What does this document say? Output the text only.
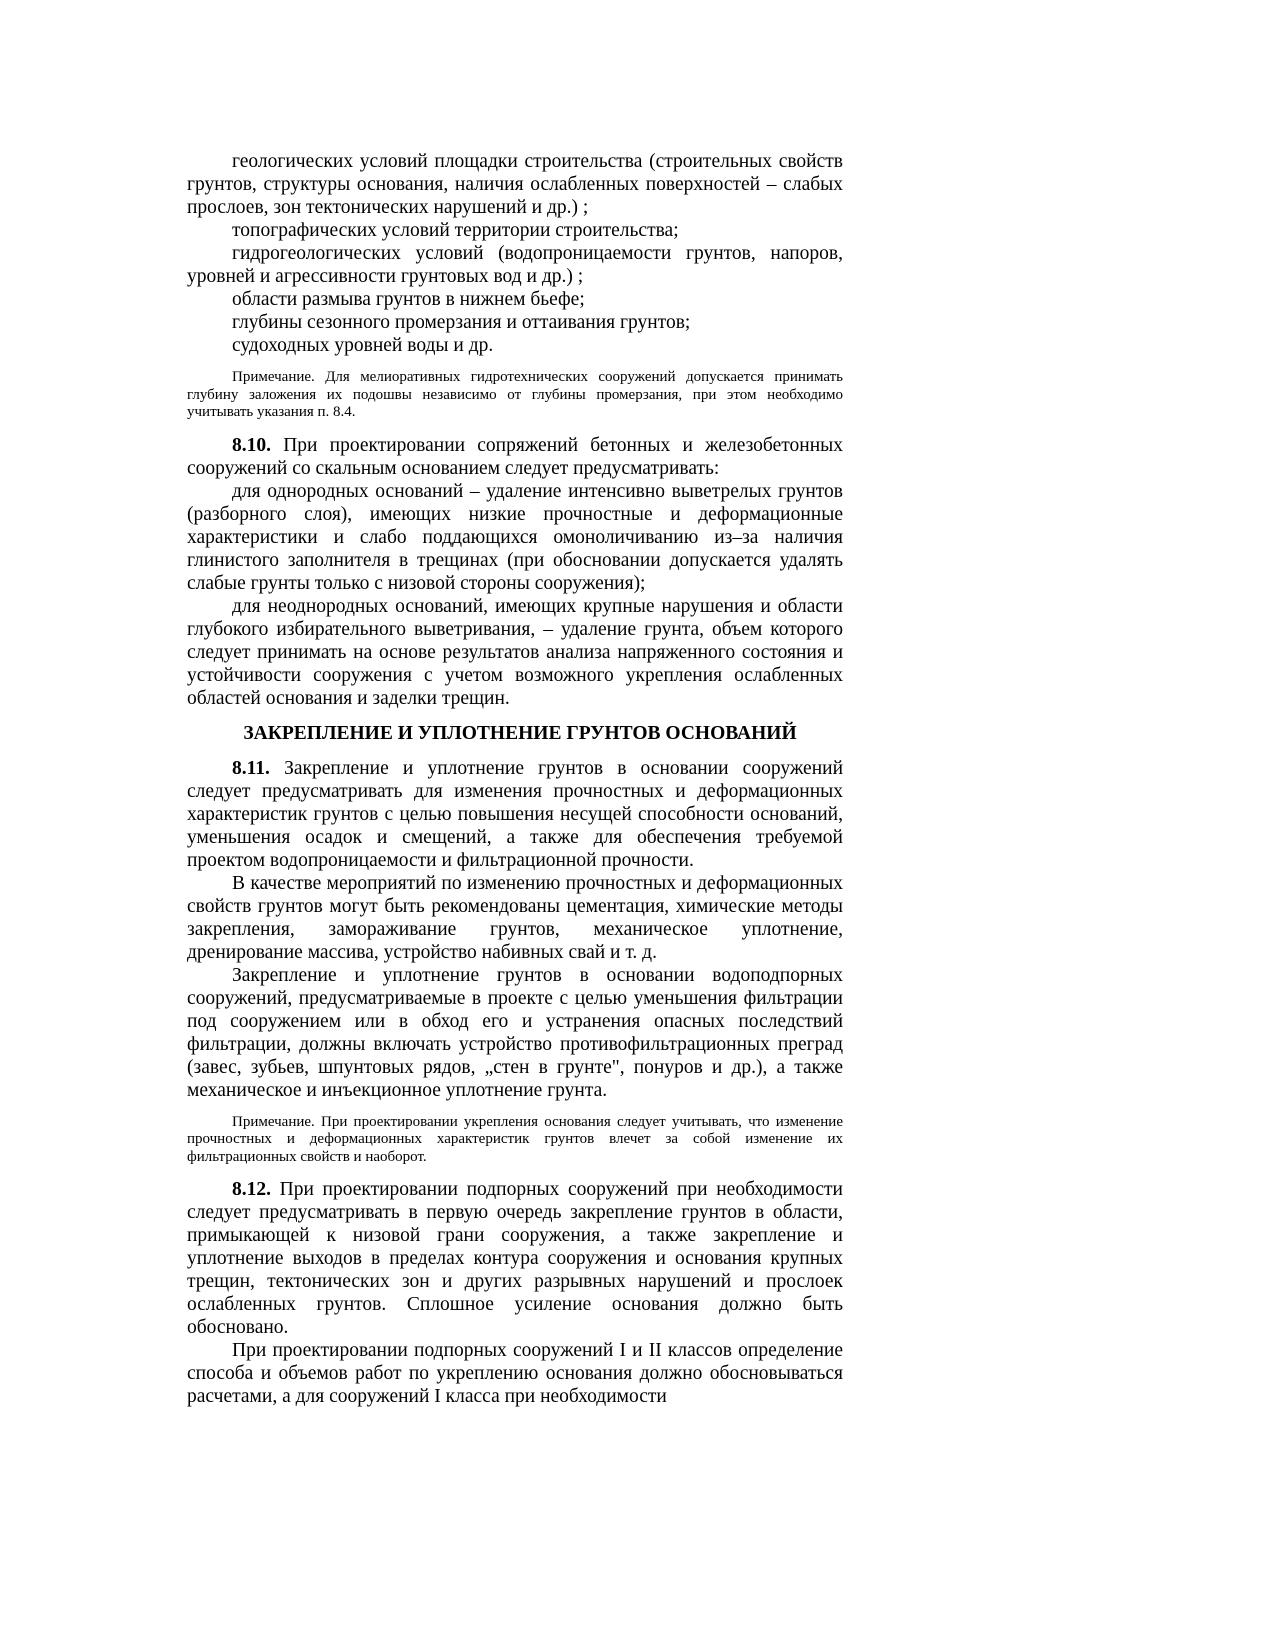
геологических условий площадки строительства (строительных свойств грунтов, структуры основания, наличия ослабленных поверхностей – слабых прослоев, зон тектонических нарушений и др.) ;

топографических условий территории строительства;

гидрогеологических условий (водопроницаемости грунтов, напоров, уровней и агрессивности грунтовых вод и др.) ;

области размыва грунтов в нижнем бьефе;

глубины сезонного промерзания и оттаивания грунтов;

судоходных уровней воды и др.

Примечание. Для мелиоративных гидротехнических сооружений допускается принимать глубину заложения их подошвы независимо от глубины промерзания, при этом необходимо учитывать указания п. 8.4.

8.10. При проектировании сопряжений бетонных и железобетонных сооружений со скальным основанием следует предусматривать:

для однородных оснований – удаление интенсивно выветрелых грунтов (разборного слоя), имеющих низкие прочностные и деформационные характеристики и слабо поддающихся омоноличиванию из–за наличия глинистого заполнителя в трещинах (при обосновании допускается удалять слабые грунты только с низовой стороны сооружения);

для неоднородных оснований, имеющих крупные нарушения и области глубокого избирательного выветривания, – удаление грунта, объем которого следует принимать на основе результатов анализа напряженного состояния и устойчивости сооружения с учетом возможного укрепления ослабленных областей основания и заделки трещин.

ЗАКРЕПЛЕНИЕ И УПЛОТНЕНИЕ ГРУНТОВ ОСНОВАНИЙ

8.11. Закрепление и уплотнение грунтов в основании сооружений следует предусматривать для изменения прочностных и деформационных характеристик грунтов с целью повышения несущей способности оснований, уменьшения осадок и смещений, а также для обеспечения требуемой проектом водопроницаемости и фильтрационной прочности.

В качестве мероприятий по изменению прочностных и деформационных свойств грунтов могут быть рекомендованы цементация, химические методы закрепления, замораживание грунтов, механическое уплотнение, дренирование массива, устройство набивных свай и т. д.

Закрепление и уплотнение грунтов в основании водоподпорных сооружений, предусматриваемые в проекте с целью уменьшения фильтрации под сооружением или в обход его и устранения опасных последствий фильтрации, должны включать устройство противофильтрационных преград (завес, зубьев, шпунтовых рядов, „стен в грунте", понуров и др.), а также механическое и инъекционное уплотнение грунта.

Примечание. При проектировании укрепления основания следует учитывать, что изменение прочностных и деформационных характеристик грунтов влечет за собой изменение их фильтрационных свойств и наоборот.

8.12. При проектировании подпорных сооружений при необходимости следует предусматривать в первую очередь закрепление грунтов в области, примыкающей к низовой грани сооружения, а также закрепление и уплотнение выходов в пределах контура сооружения и основания крупных трещин, тектонических зон и других разрывных нарушений и прослоек ослабленных грунтов. Сплошное усиление основания должно быть обосновано.

При проектировании подпорных сооружений I и II классов определение способа и объемов работ по укреплению основания должно обосновываться расчетами, а для сооружений I класса при необходимости
